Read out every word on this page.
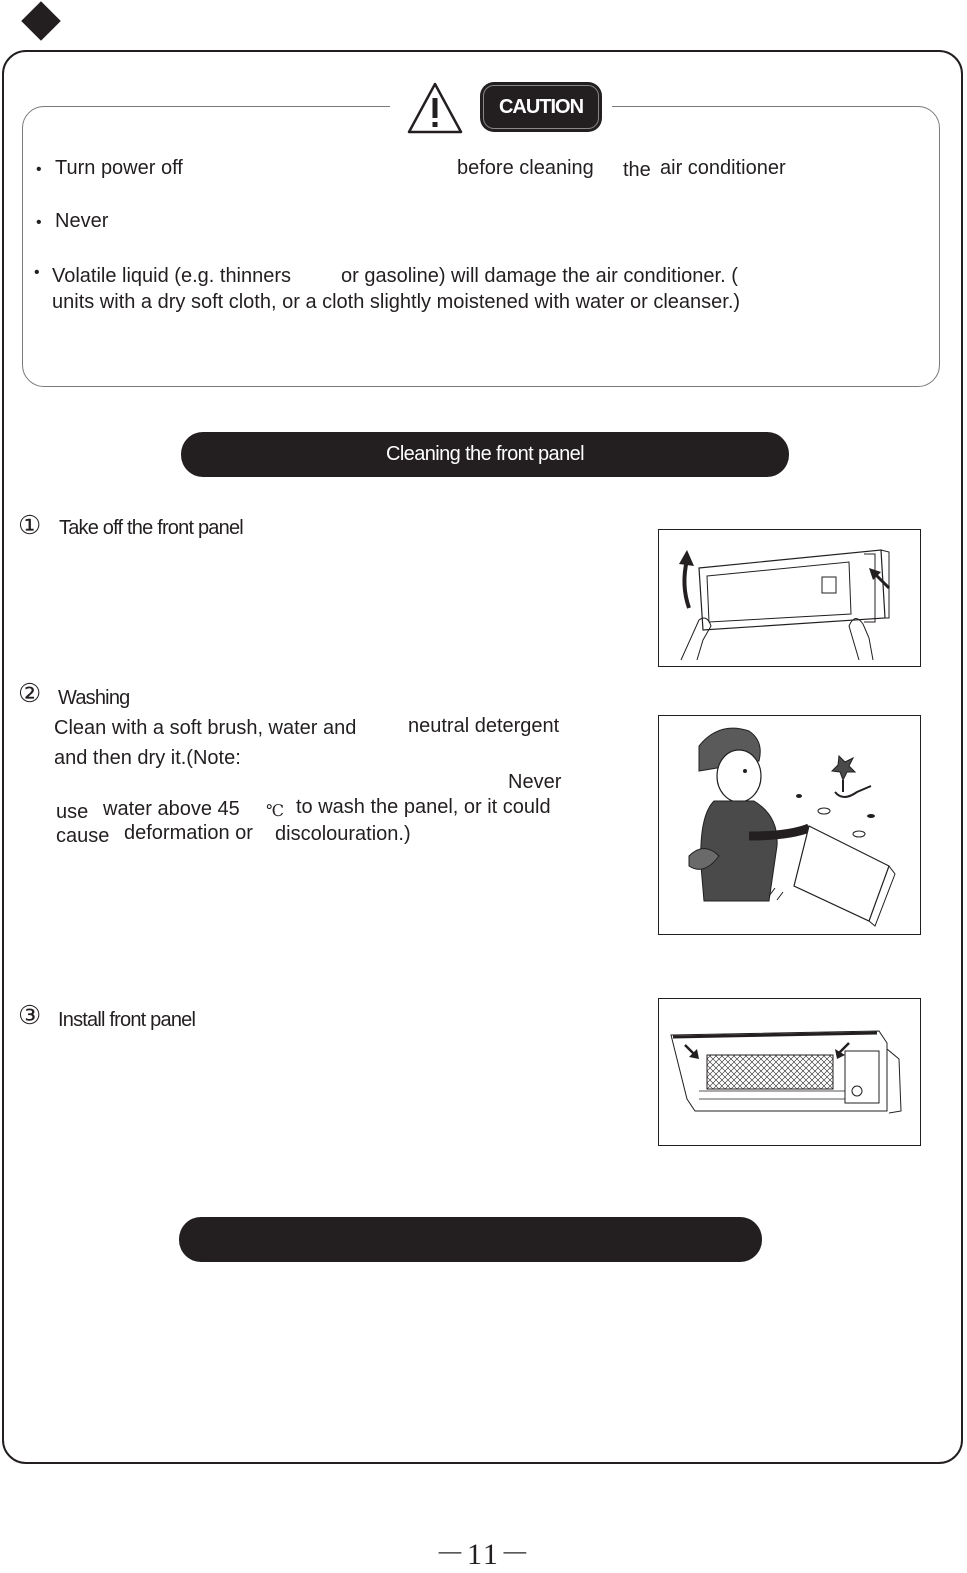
CAUTION
• Turn power off	before cleaning the air conditioner
• Never
• Volatile liquid (e.g. thinners or gasoline) will damage the air conditioner. (
units with a dry soft cloth, or a cloth slightly moistened with water or cleanser.)
Cleaning the front panel
① Take off the front panel
② Washing
Clean with a soft brush, water and	neutral detergent
and then dry it.(Note:
Never
use water above 45 ℃ to wash the panel, or it could
cause deformation or discolouration.)
③ Install front panel
－11－
